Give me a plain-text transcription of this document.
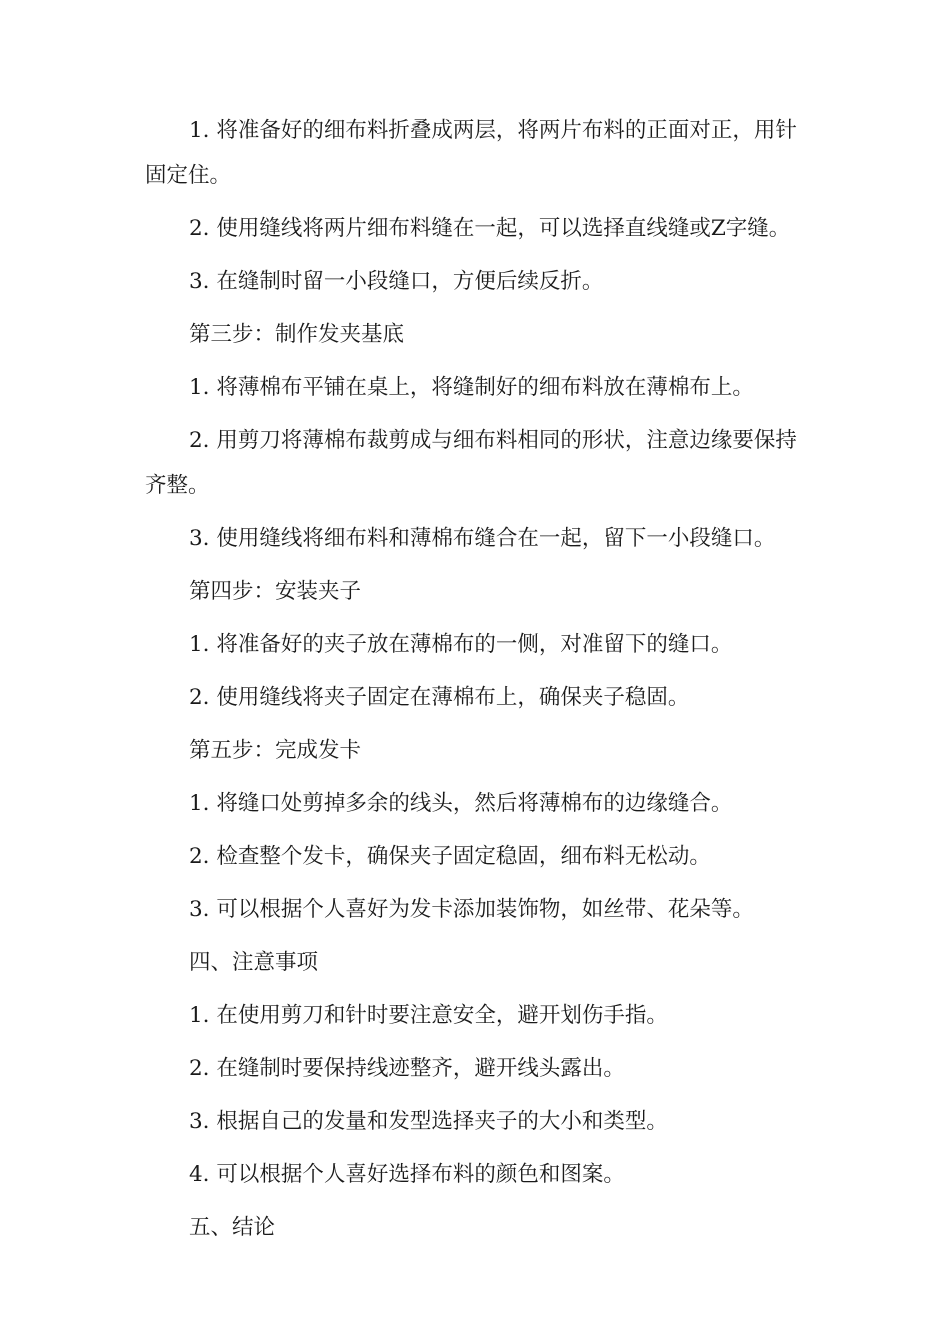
1. 将准备好的细布料折叠成两层，将两片布料的正面对正，用针固定住。

2. 使用缝线将两片细布料缝在一起，可以选择直线缝或Z字缝。

3. 在缝制时留一小段缝口，方便后续反折。

第三步：制作发夹基底

1. 将薄棉布平铺在桌上，将缝制好的细布料放在薄棉布上。

2. 用剪刀将薄棉布裁剪成与细布料相同的形状，注意边缘要保持齐整。

3. 使用缝线将细布料和薄棉布缝合在一起，留下一小段缝口。

第四步：安装夹子

1. 将准备好的夹子放在薄棉布的一侧，对准留下的缝口。

2. 使用缝线将夹子固定在薄棉布上，确保夹子稳固。

第五步：完成发卡

1. 将缝口处剪掉多余的线头，然后将薄棉布的边缘缝合。

2. 检查整个发卡，确保夹子固定稳固，细布料无松动。

3. 可以根据个人喜好为发卡添加装饰物，如丝带、花朵等。

四、注意事项

1. 在使用剪刀和针时要注意安全，避开划伤手指。

2. 在缝制时要保持线迹整齐，避开线头露出。

3. 根据自己的发量和发型选择夹子的大小和类型。

4. 可以根据个人喜好选择布料的颜色和图案。

五、结论
